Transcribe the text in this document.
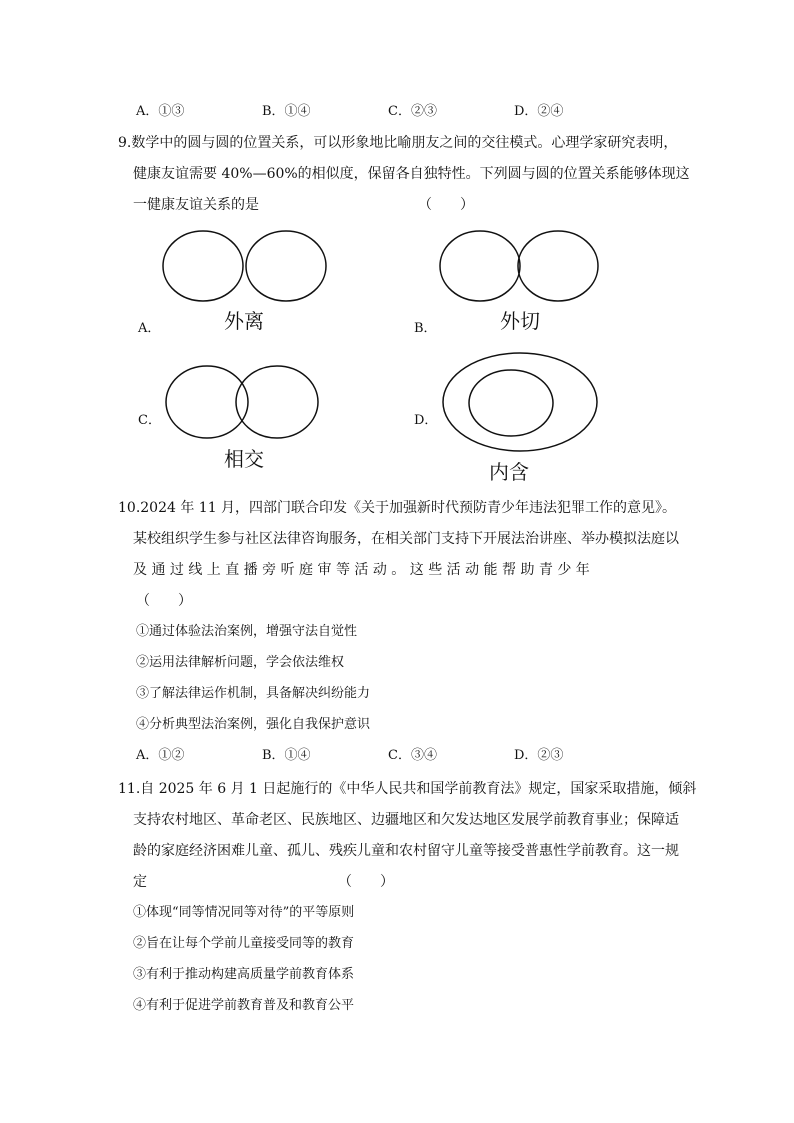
A．①③	B．①④	C．②③	D．②④
9.数学中的圆与圆的位置关系，可以形象地比喻朋友之间的交往模式。心理学家研究表明，
健康友谊需要 40%—60%的相似度，保留各自独特性。下列圆与圆的位置关系能够体现这
一健康友谊关系的是	（　　）
A．	外离	B．	外切
C．
相交
D．
内含
10.2024 年 11 月，四部门联合印发《关于加强新时代预防青少年违法犯罪工作的意见》。
某校组织学生参与社区法律咨询服务，在相关部门支持下开展法治讲座、举办模拟法庭以
及 通 过 线 上 直 播 旁 听 庭 审 等 活 动 。 这 些 活 动 能 帮 助 青 少 年
（　　）
①通过体验法治案例，增强守法自觉性
②运用法律解析问题，学会依法维权
③了解法律运作机制，具备解决纠纷能力
④分析典型法治案例，强化自我保护意识
A．①②	B．①④	C．③④	D．②③
11.自 2025 年 6 月 1 日起施行的《中华人民共和国学前教育法》规定，国家采取措施，倾斜
支持农村地区、革命老区、民族地区、边疆地区和欠发达地区发展学前教育事业；保障适
龄的家庭经济困难儿童、孤儿、残疾儿童和农村留守儿童等接受普惠性学前教育。这一规
定	（　　）
①体现“同等情况同等对待”的平等原则
②旨在让每个学前儿童接受同等的教育
③有利于推动构建高质量学前教育体系
④有利于促进学前教育普及和教育公平
